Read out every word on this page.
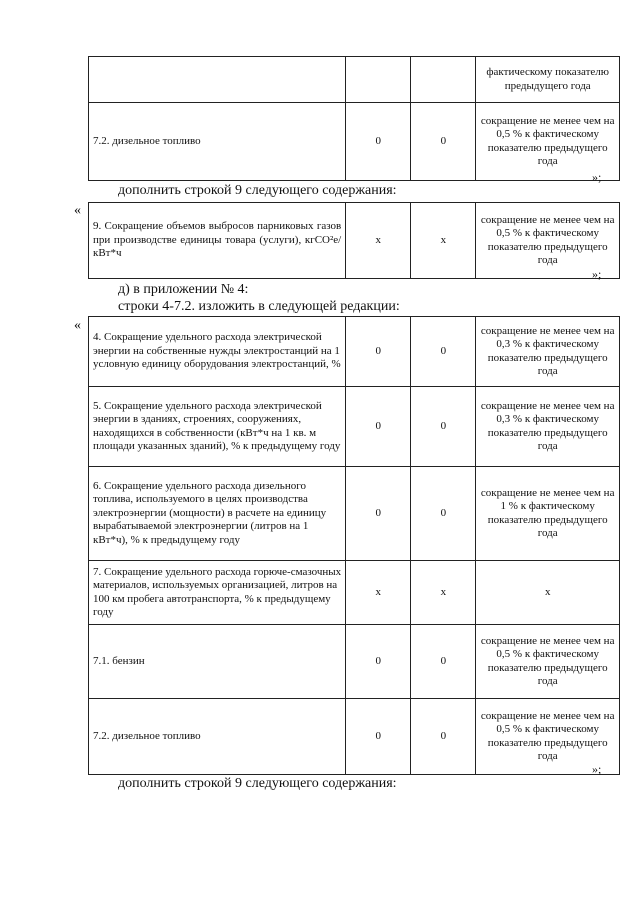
			фактическому показателю предыдущего года
7.2. дизельное топливо	0	0	сокращение не менее чем на 0,5 % к фактическому показателю предыдущего года
»;
дополнить строкой 9 следующего содержания:
«
9. Сокращение объемов выбросов парниковых газов при производстве единицы товара (услуги), кгСО²е/кВт*ч	x	x	сокращение не менее чем на 0,5 % к фактическому показателю предыдущего года
»;
д) в приложении № 4:
строки 4-7.2. изложить в следующей редакции:
«
4. Сокращение удельного расхода электрической энергии на собственные нужды электростанций на 1 условную единицу оборудования электростанций, %	0	0	сокращение не менее чем на 0,3 % к фактическому показателю предыдущего года
5. Сокращение удельного расхода электрической энергии в зданиях, строениях, сооружениях, находящихся в собственности (кВт*ч на 1 кв. м площади указанных зданий), % к предыдущему году	0	0	сокращение не менее чем на 0,3 % к фактическому показателю предыдущего года
6. Сокращение удельного расхода дизельного топлива, используемого в целях производства электроэнергии (мощности) в расчете на единицу вырабатываемой электроэнергии (литров на 1 кВт*ч), % к предыдущему году	0	0	сокращение не менее чем на 1 % к фактическому показателю предыдущего года
7. Сокращение удельного расхода горюче-смазочных материалов, используемых организацией, литров на 100 км пробега автотранспорта, % к предыдущему году	x	x	x
7.1. бензин	0	0	сокращение не менее чем на 0,5 % к фактическому показателю предыдущего года
7.2. дизельное топливо	0	0	сокращение не менее чем на 0,5 % к фактическому показателю предыдущего года
»;
дополнить строкой 9 следующего содержания:
